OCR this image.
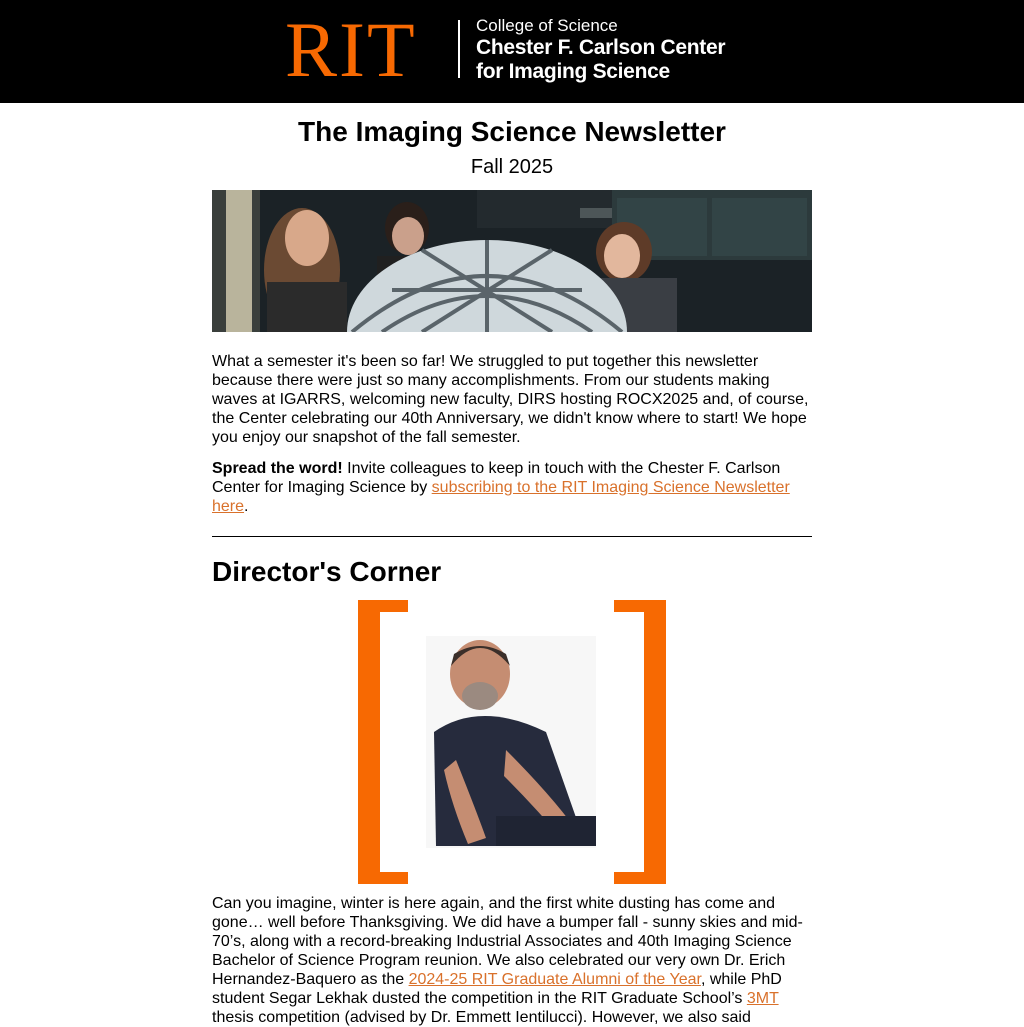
RIT	College of Science
Chester F. Carlson Center
for Imaging Science
The Imaging Science Newsletter
Fall 2025

What a semester it's been so far! We struggled to put together this newsletter because there were just so many accomplishments. From our students making waves at IGARRS, welcoming new faculty, DIRS hosting ROCX2025 and, of course, the Center celebrating our 40th Anniversary, we didn't know where to start! We hope you enjoy our snapshot of the fall semester.

Spread the word! Invite colleagues to keep in touch with the Chester F. Carlson Center for Imaging Science by subscribing to the RIT Imaging Science Newsletter here.

Director's Corner

Can you imagine, winter is here again, and the first white dusting has come and gone… well before Thanksgiving. We did have a bumper fall - sunny skies and mid-70’s, along with a record-breaking Industrial Associates and 40th Imaging Science Bachelor of Science Program reunion. We also celebrated our very own Dr. Erich Hernandez-Baquero as the 2024-25 RIT Graduate Alumni of the Year, while PhD student Segar Lekhak dusted the competition in the RIT Graduate School’s 3MT thesis competition (advised by Dr. Emmett Ientilucci). However, we also said
